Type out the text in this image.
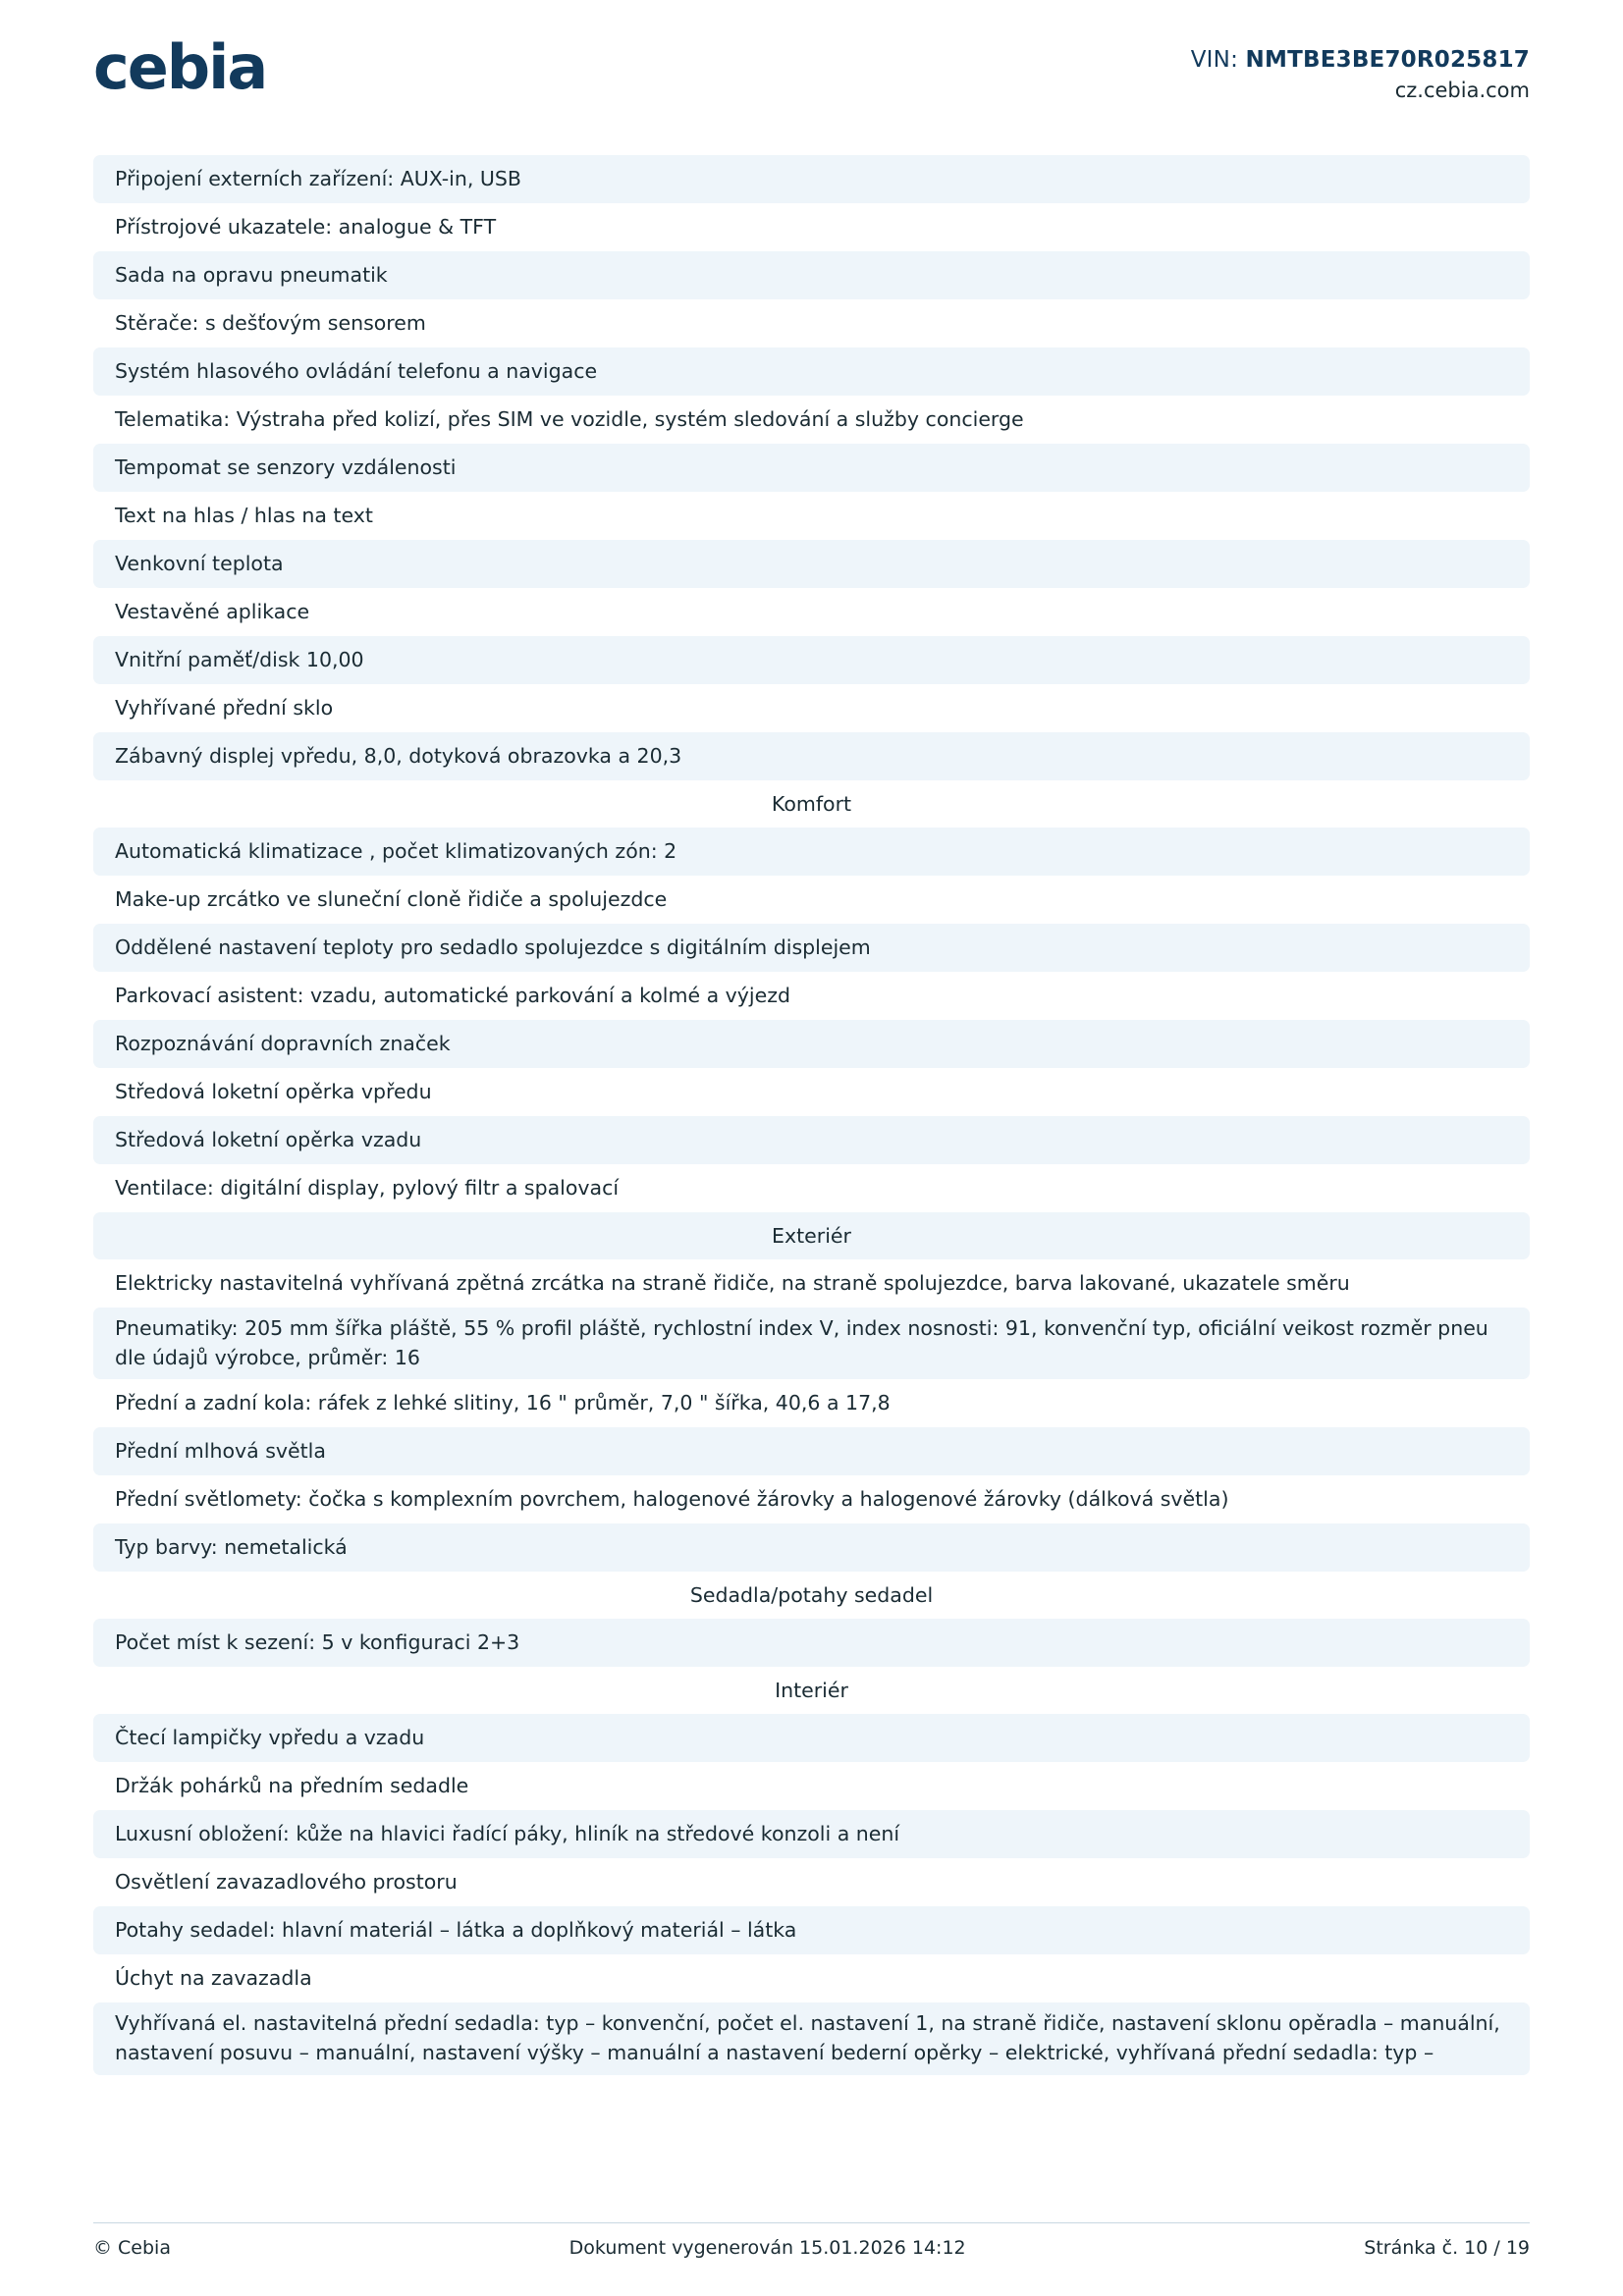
cebia	VIN: NMTBE3BE70R025817
cz.cebia.com
Připojení externích zařízení: AUX-in, USB
Přístrojové ukazatele: analogue & TFT
Sada na opravu pneumatik
Stěrače: s dešťovým sensorem
Systém hlasového ovládání telefonu a navigace
Telematika: Výstraha před kolizí, přes SIM ve vozidle, systém sledování a služby concierge
Tempomat se senzory vzdálenosti
Text na hlas / hlas na text
Venkovní teplota
Vestavěné aplikace
Vnitřní paměť/disk 10,00
Vyhřívané přední sklo
Zábavný displej vpředu, 8,0, dotyková obrazovka a 20,3
Komfort
Automatická klimatizace , počet klimatizovaných zón: 2
Make-up zrcátko ve sluneční cloně řidiče a spolujezdce
Oddělené nastavení teploty pro sedadlo spolujezdce s digitálním displejem
Parkovací asistent: vzadu, automatické parkování a kolmé a výjezd
Rozpoznávání dopravních značek
Středová loketní opěrka vpředu
Středová loketní opěrka vzadu
Ventilace: digitální display, pylový filtr a spalovací
Exteriér
Elektricky nastavitelná vyhřívaná zpětná zrcátka na straně řidiče, na straně spolujezdce, barva lakované, ukazatele směru
Pneumatiky: 205 mm šířka pláště, 55 % profil pláště, rychlostní index V, index nosnosti: 91, konvenční typ, oficiální veikost rozměr pneu dle údajů výrobce, průměr: 16
Přední a zadní kola: ráfek z lehké slitiny, 16 " průměr, 7,0 " šířka, 40,6 a 17,8
Přední mlhová světla
Přední světlomety: čočka s komplexním povrchem, halogenové žárovky a halogenové žárovky (dálková světla)
Typ barvy: nemetalická
Sedadla/potahy sedadel
Počet míst k sezení: 5 v konfiguraci 2+3
Interiér
Čtecí lampičky vpředu a vzadu
Držák pohárků na předním sedadle
Luxusní obložení: kůže na hlavici řadící páky, hliník na středové konzoli a není
Osvětlení zavazadlového prostoru
Potahy sedadel: hlavní materiál – látka a doplňkový materiál – látka
Úchyt na zavazadla
Vyhřívaná el. nastavitelná přední sedadla: typ – konvenční, počet el. nastavení 1, na straně řidiče, nastavení sklonu opěradla – manuální, nastavení posuvu – manuální, nastavení výšky – manuální a nastavení bederní opěrky – elektrické, vyhřívaná přední sedadla: typ –
© Cebia	Dokument vygenerován 15.01.2026 14:12	Stránka č. 10 / 19
